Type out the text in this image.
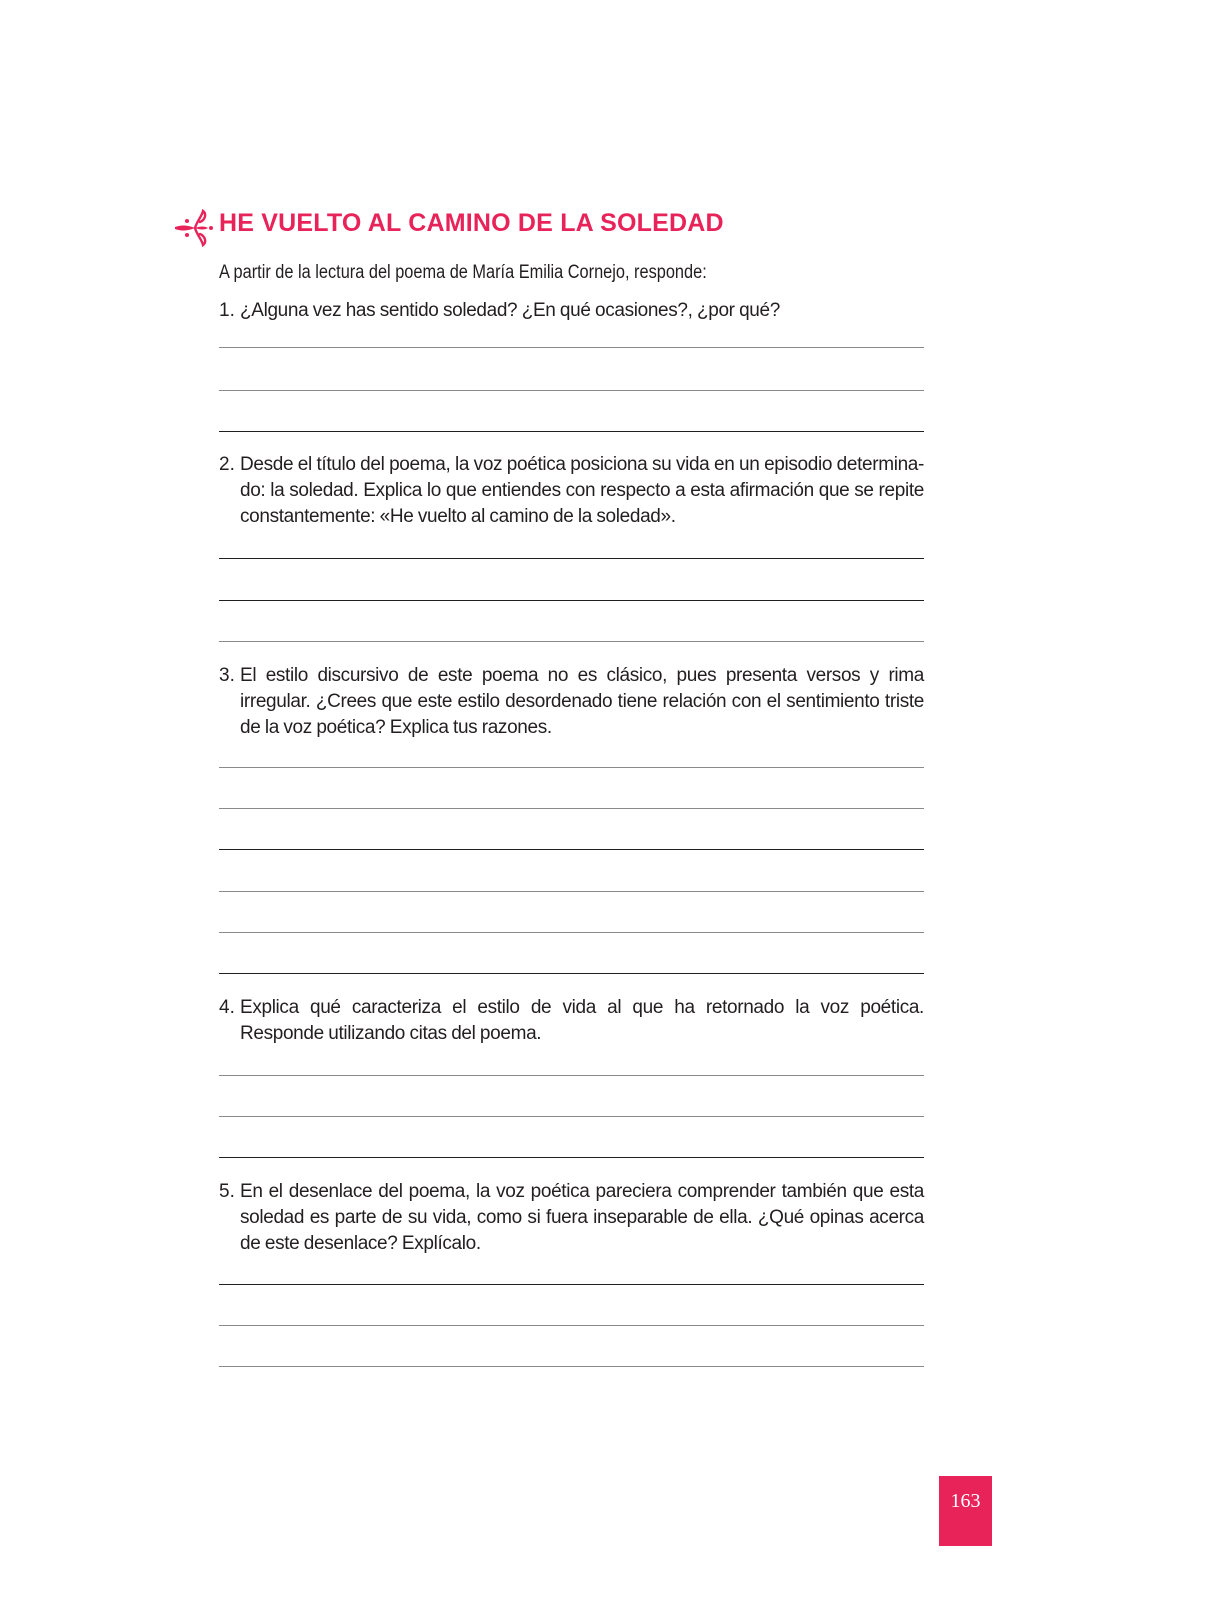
HE VUELTO AL CAMINO DE LA SOLEDAD
A partir de la lectura del poema de María Emilia Cornejo, responde:
1. ¿Alguna vez has sentido soledad? ¿En qué ocasiones?, ¿por qué?
2. Desde el título del poema, la voz poética posiciona su vida en un episodio determina-do: la soledad. Explica lo que entiendes con respecto a esta afirmación que se repite constantemente: «He vuelto al camino de la soledad».
3. El estilo discursivo de este poema no es clásico, pues presenta versos y rima irregular. ¿Crees que este estilo desordenado tiene relación con el sentimiento triste de la voz poética? Explica tus razones.
4. Explica qué caracteriza el estilo de vida al que ha retornado la voz poética. Responde utilizando citas del poema.
5. En el desenlace del poema, la voz poética pareciera comprender también que esta soledad es parte de su vida, como si fuera inseparable de ella. ¿Qué opinas acerca de este desenlace? Explícalo.
163
